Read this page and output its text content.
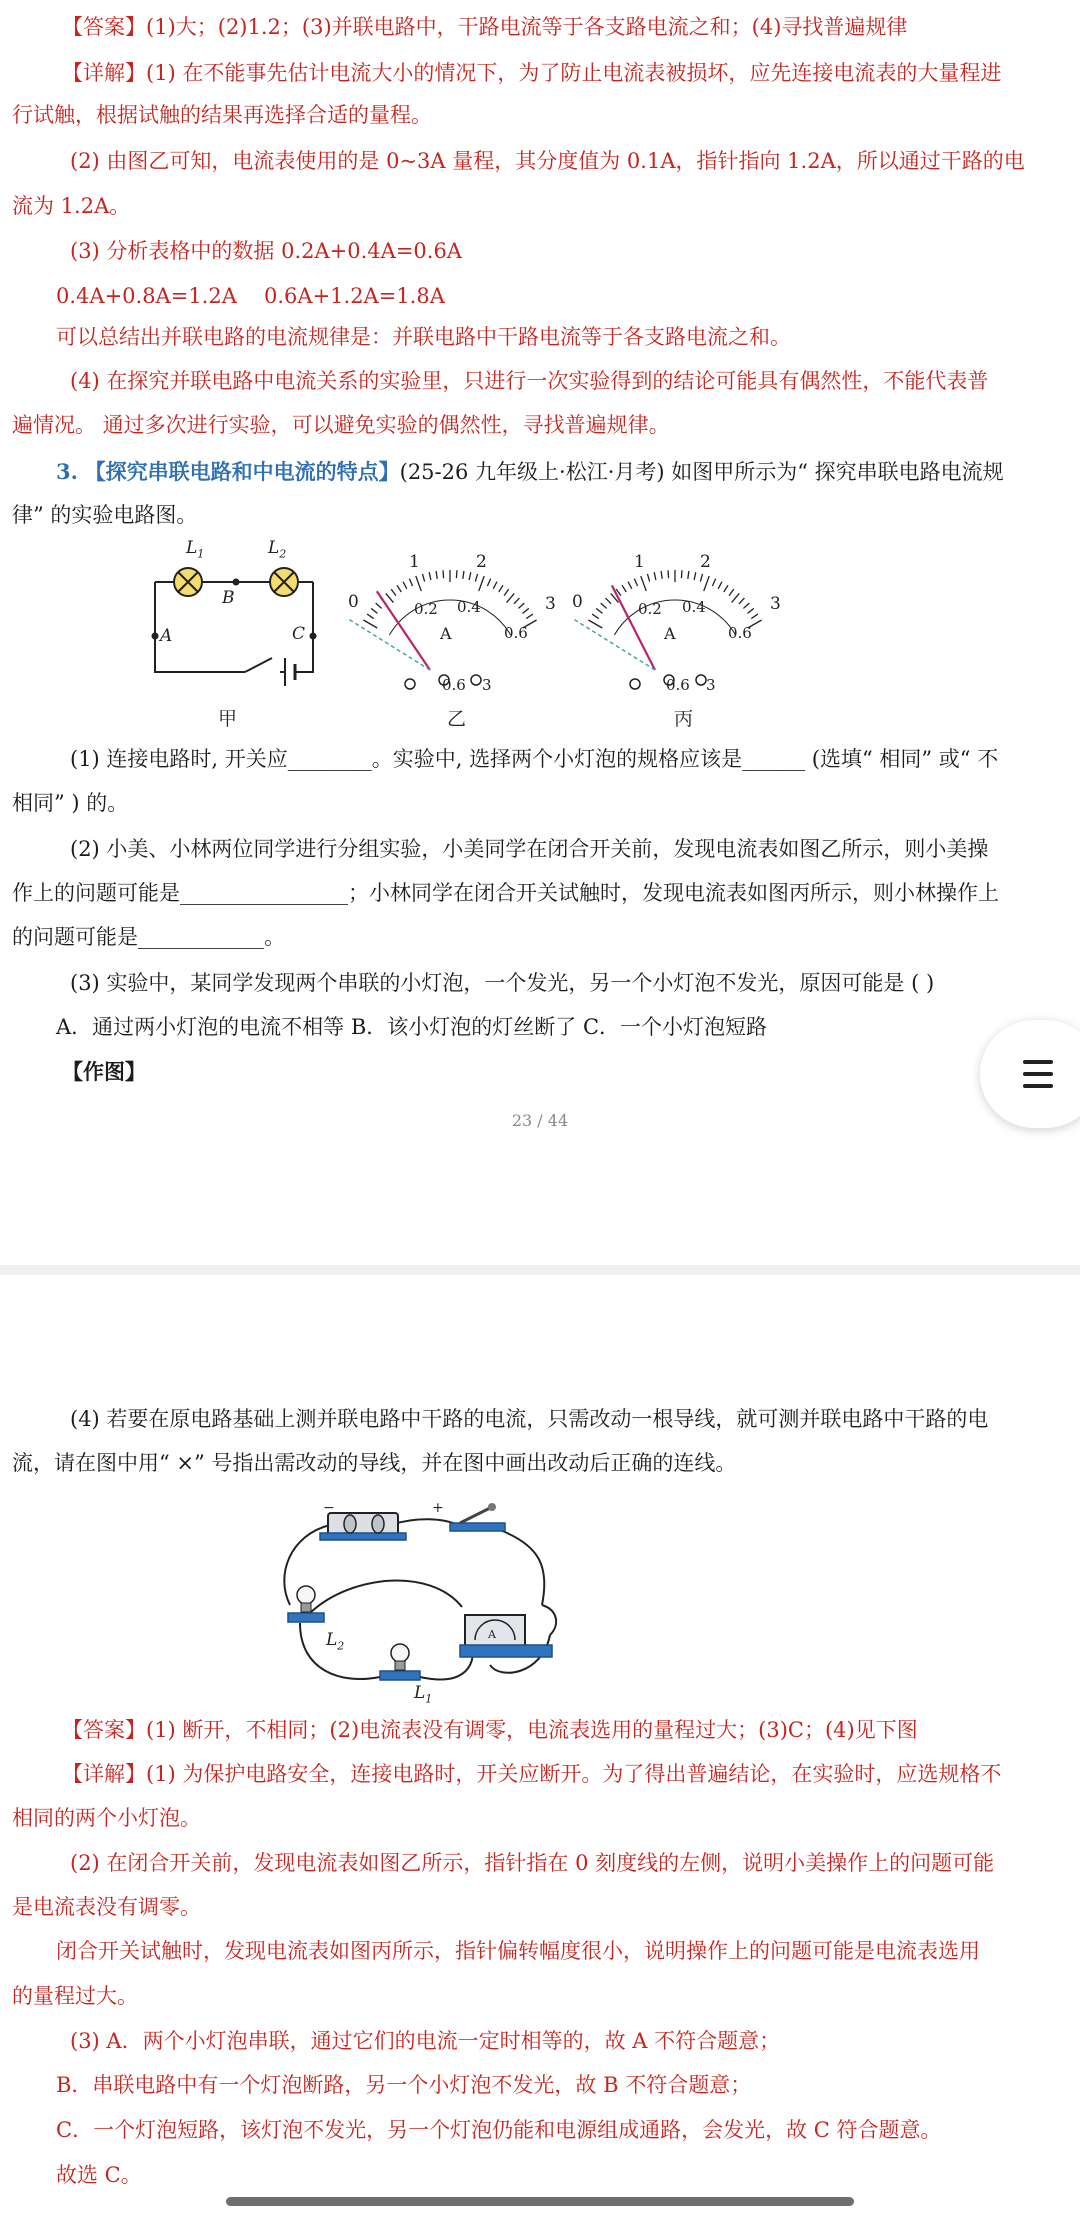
【答案】(1)大；(2)1.2；(3)并联电路中，干路电流等于各支路电流之和；(4)寻找普遍规律
【详解】(1) 在不能事先估计电流大小的情况下，为了防止电流表被损坏，应先连接电流表的大量程进
行试触，根据试触的结果再选择合适的量程。
(2) 由图乙可知，电流表使用的是 0~3A 量程，其分度值为 0.1A，指针指向 1.2A，所以通过干路的电
流为 1.2A。
(3) 分析表格中的数据 0.2A+0.4A=0.6A
0.4A+0.8A=1.2A 0.6A+1.2A=1.8A
可以总结出并联电路的电流规律是：并联电路中干路电流等于各支路电流之和。
(4) 在探究并联电路中电流关系的实验里，只进行一次实验得到的结论可能具有偶然性，不能代表普
遍情况。 通过多次进行实验，可以避免实验的偶然性，寻找普遍规律。
3. 【探究串联电路和中电流的特点】(25-26 九年级上·松江·月考) 如图甲所示为“ 探究串联电路电流规
律” 的实验电路图。
$L_1$	$L_2$
B
A	C
甲
0
1	2
3
0.2 0.4
0.6
A
0.6 3
乙
0
1	2
3
0.2 0.4
0.6
A
0.6 3
丙
(1) 连接电路时, 开关应________。实验中, 选择两个小灯泡的规格应该是______ (选填“ 相同” 或“ 不
相同” ) 的。
(2) 小美、小林两位同学进行分组实验，小美同学在闭合开关前，发现电流表如图乙所示，则小美操
作上的问题可能是________________；小林同学在闭合开关试触时，发现电流表如图丙所示，则小林操作上
的问题可能是____________。
(3) 实验中，某同学发现两个串联的小灯泡，一个发光，另一个小灯泡不发光，原因可能是 ( )
A．通过两小灯泡的电流不相等 B．该小灯泡的灯丝断了 C．一个小灯泡短路
【作图】
23 / 44
(4) 若要在原电路基础上测并联电路中干路的电流，只需改动一根导线，就可测并联电路中干路的电
流，请在图中用“ ×” 号指出需改动的导线，并在图中画出改动后正确的连线。
−	+
$L_2$
$L_1$
A
【答案】(1) 断开，不相同；(2)电流表没有调零，电流表选用的量程过大；(3)C；(4)见下图
【详解】(1) 为保护电路安全，连接电路时，开关应断开。为了得出普遍结论，在实验时，应选规格不
相同的两个小灯泡。
(2) 在闭合开关前，发现电流表如图乙所示，指针指在 0 刻度线的左侧，说明小美操作上的问题可能
是电流表没有调零。
闭合开关试触时，发现电流表如图丙所示，指针偏转幅度很小，说明操作上的问题可能是电流表选用
的量程过大。
(3) A．两个小灯泡串联，通过它们的电流一定时相等的，故 A 不符合题意；
B．串联电路中有一个灯泡断路，另一个小灯泡不发光，故 B 不符合题意；
C．一个灯泡短路，该灯泡不发光，另一个灯泡仍能和电源组成通路，会发光，故 C 符合题意。
故选 C。
